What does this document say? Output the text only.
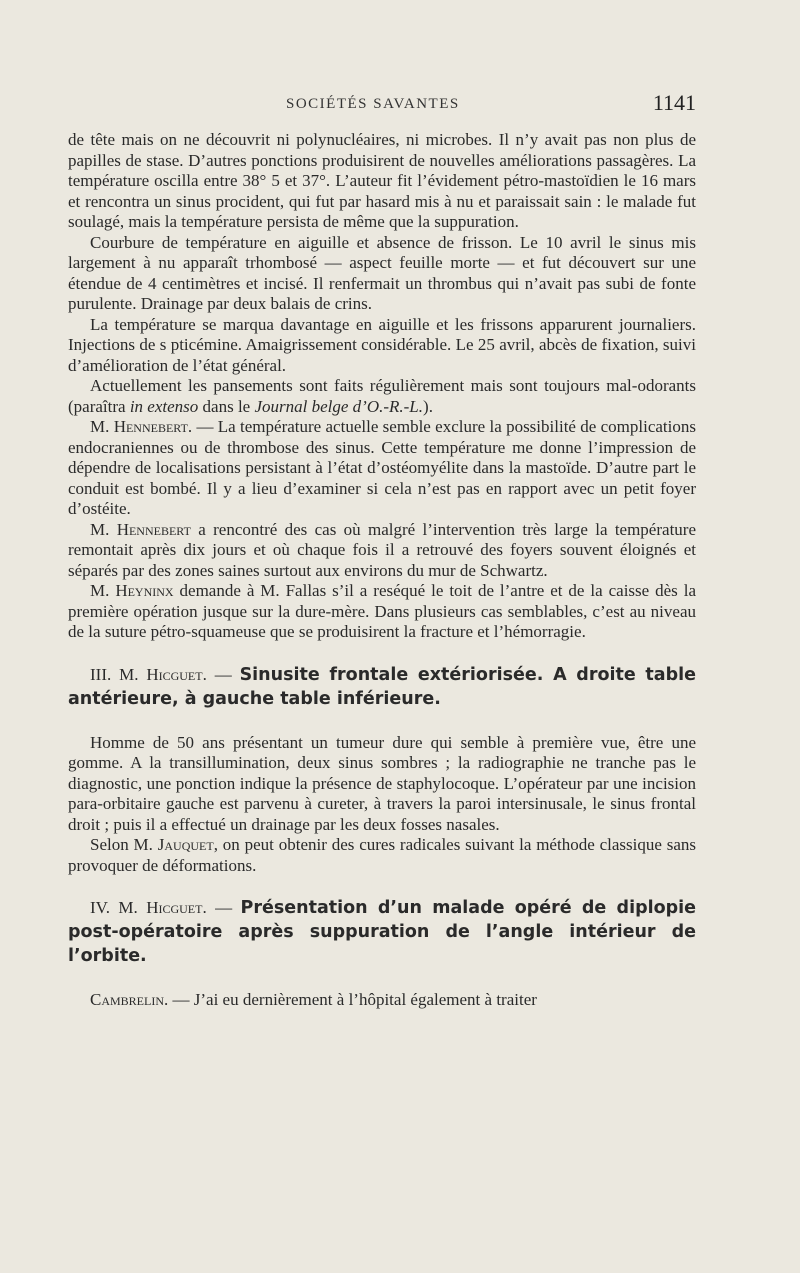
SOCIÉTÉS SAVANTES	1141

de tête mais on ne découvrit ni polynucléaires, ni microbes. Il n’y avait pas non plus de papilles de stase. D’autres ponctions produisirent de nouvelles améliorations passagères. La température oscilla entre 38° 5 et 37°. L’auteur fit l’évidement pétro-mastoïdien le 16 mars et rencontra un sinus procident, qui fut par hasard mis à nu et paraissait sain : le malade fut soulagé, mais la température persista de même que la suppuration.

Courbure de température en aiguille et absence de frisson. Le 10 avril le sinus mis largement à nu apparaît trhombosé — aspect feuille morte — et fut découvert sur une étendue de 4 centimètres et incisé. Il renfermait un thrombus qui n’avait pas subi de fonte purulente. Drainage par deux balais de crins.

La température se marqua davantage en aiguille et les frissons apparurent journaliers. Injections de s pticémine. Amaigrissement considérable. Le 25 avril, abcès de fixation, suivi d’amélioration de l’état général.

Actuellement les pansements sont faits régulièrement mais sont toujours mal-odorants (paraîtra in extenso dans le Journal belge d’O.-R.-L.).

M. Hennebert. — La température actuelle semble exclure la possibilité de complications endocraniennes ou de thrombose des sinus. Cette température me donne l’impression de dépendre de localisations persistant à l’état d’ostéomyélite dans la mastoïde. D’autre part le conduit est bombé. Il y a lieu d’examiner si cela n’est pas en rapport avec un petit foyer d’ostéite.

M. Hennebert a rencontré des cas où malgré l’intervention très large la température remontait après dix jours et où chaque fois il a retrouvé des foyers souvent éloignés et séparés par des zones saines surtout aux environs du mur de Schwartz.

M. Heyninx demande à M. Fallas s’il a reséqué le toit de l’antre et de la caisse dès la première opération jusque sur la dure-mère. Dans plusieurs cas semblables, c’est au niveau de la suture pétro-squameuse que se produisirent la fracture et l’hémorragie.

III. M. Hicguet. — Sinusite frontale extériorisée. A droite table antérieure, à gauche table inférieure.

Homme de 50 ans présentant un tumeur dure qui semble à première vue, être une gomme. A la transillumination, deux sinus sombres ; la radiographie ne tranche pas le diagnostic, une ponction indique la présence de staphylocoque. L’opérateur par une incision para-orbitaire gauche est parvenu à cureter, à travers la paroi intersinusale, le sinus frontal droit ; puis il a effectué un drainage par les deux fosses nasales.

Selon M. Jauquet, on peut obtenir des cures radicales suivant la méthode classique sans provoquer de déformations.

IV. M. Hicguet. — Présentation d’un malade opéré de diplopie post-opératoire après suppuration de l’angle intérieur de l’orbite.

Cambrelin. — J’ai eu dernièrement à l’hôpital également à traiter
